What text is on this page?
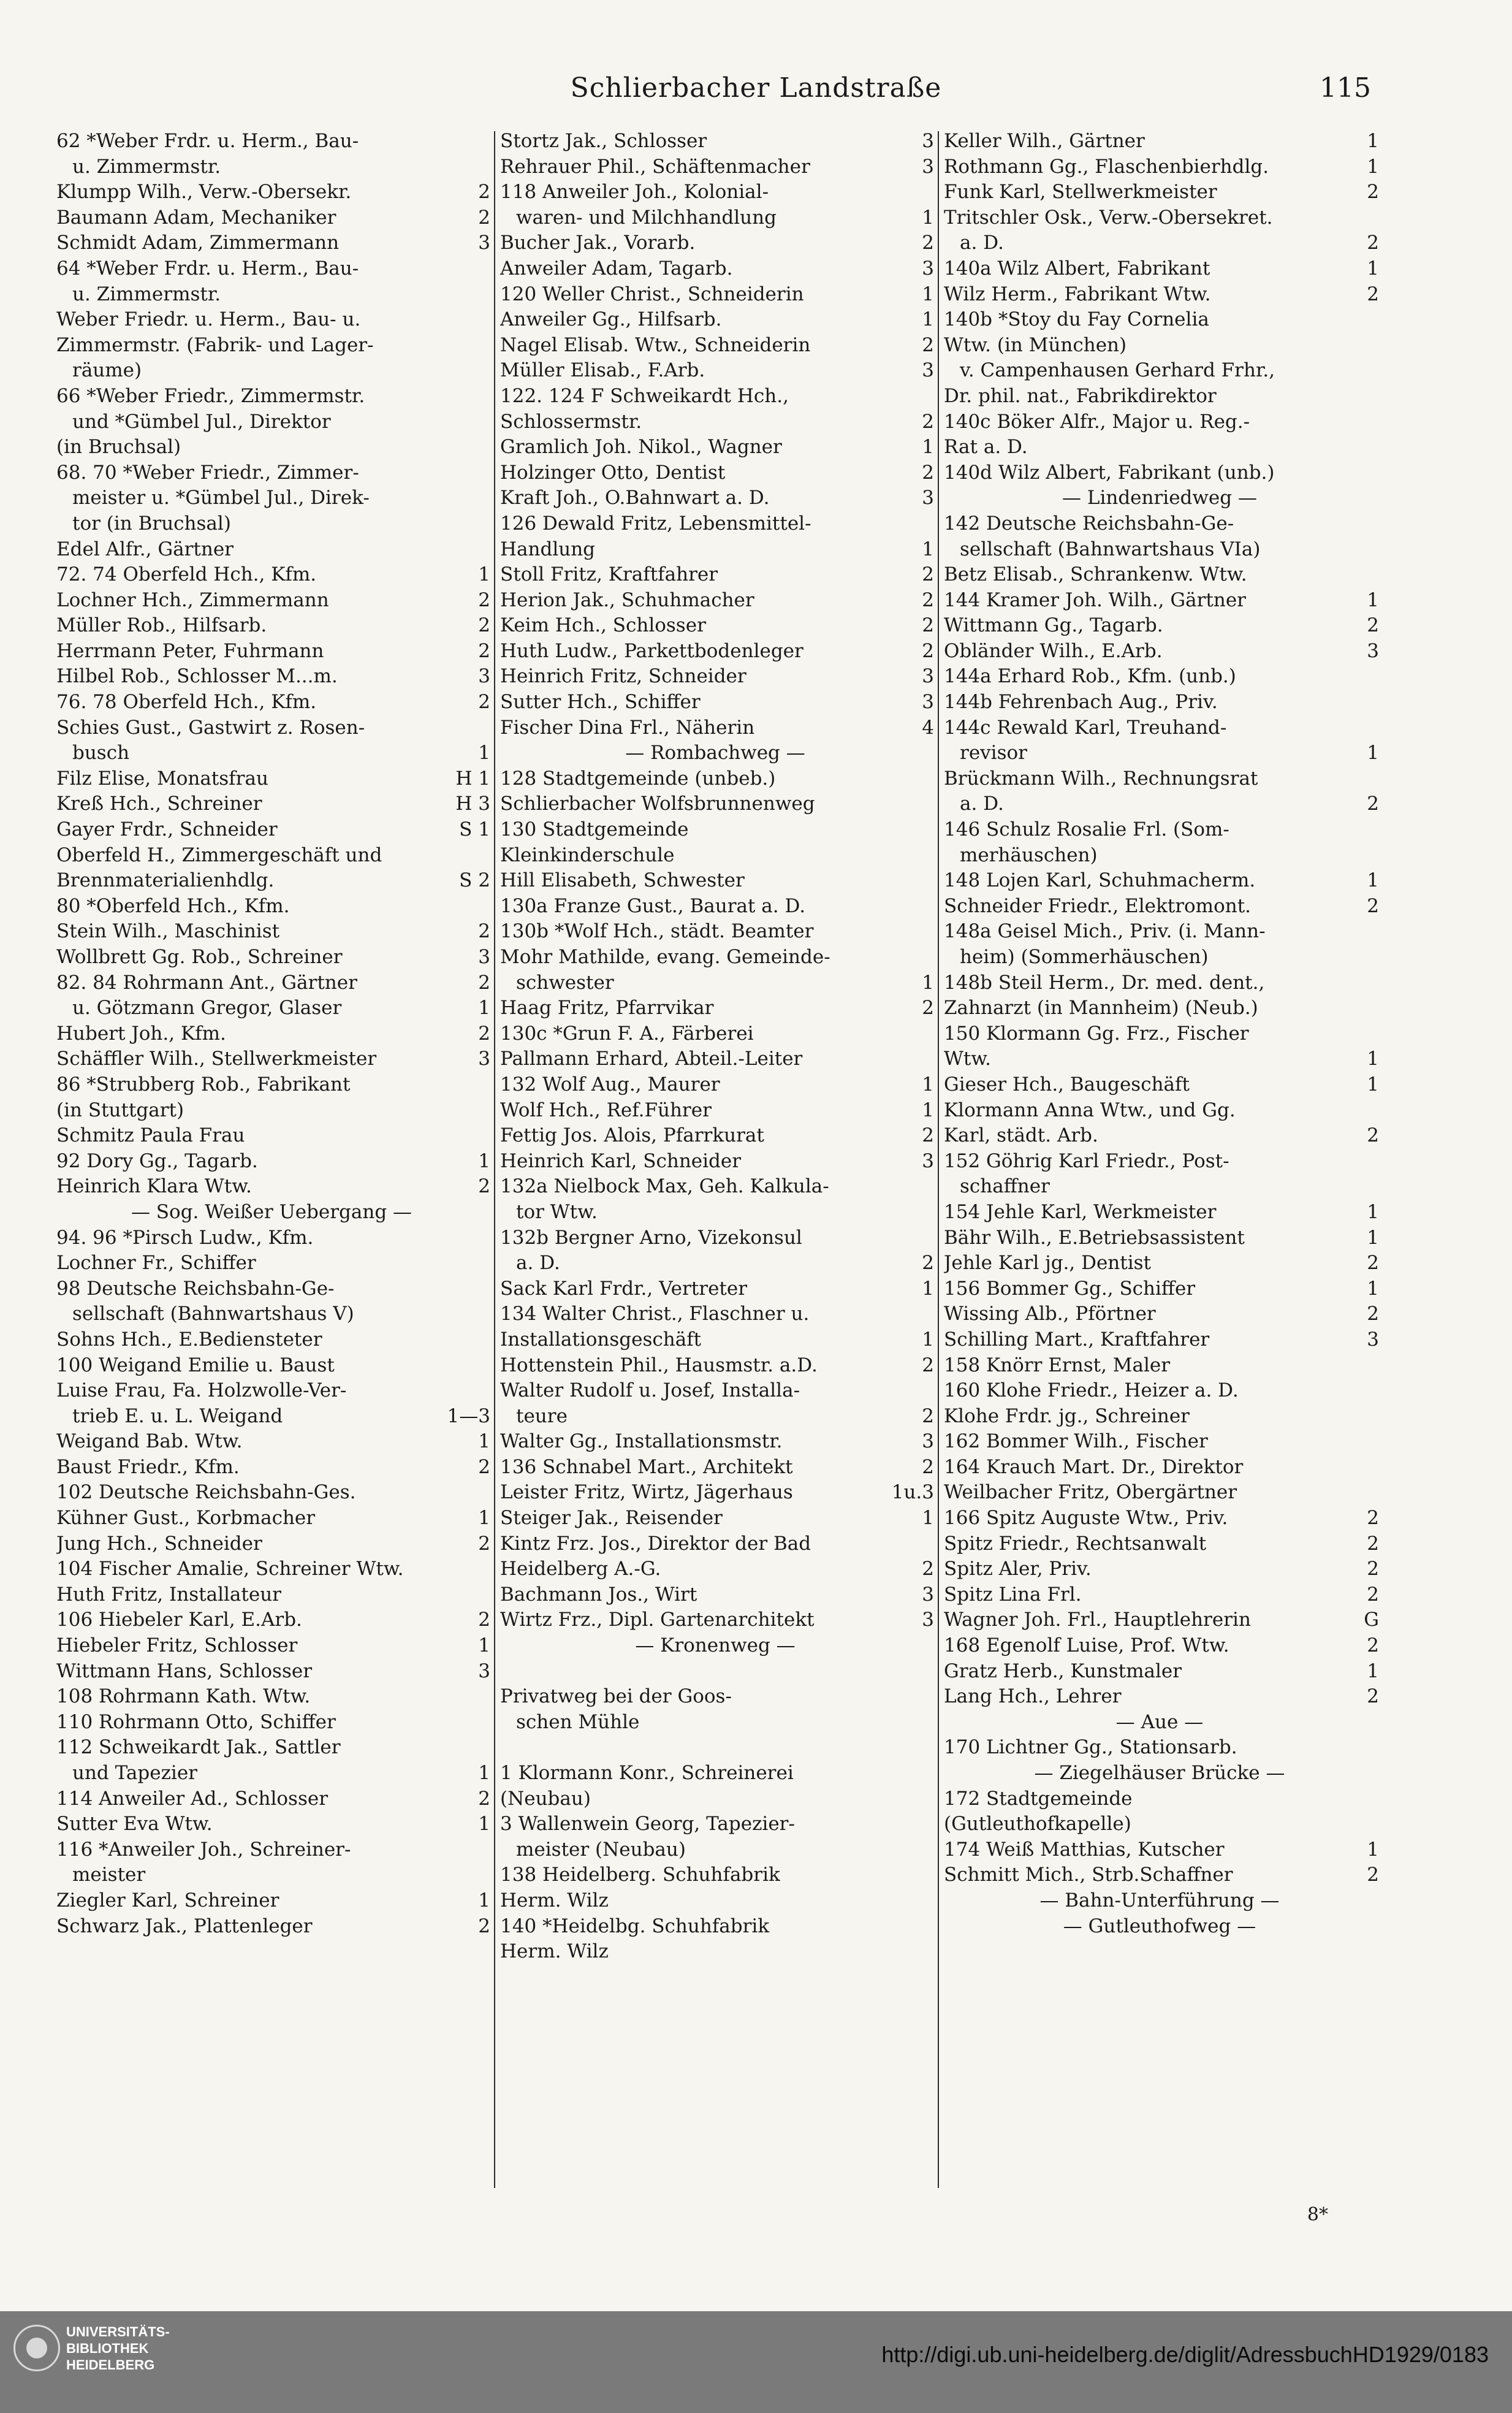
Schlierbacher Landstraße	115
62 *Weber Frdr. u. Herm., Bau-
u. Zimmermstr.
Klumpp Wilh., Verw.-Obersekr.	2
Baumann Adam, Mechaniker	2
Schmidt Adam, Zimmermann	3
64 *Weber Frdr. u. Herm., Bau-
u. Zimmermstr.
Weber Friedr. u. Herm., Bau- u.
Zimmermstr. (Fabrik- und Lager-
räume)
66 *Weber Friedr., Zimmermstr.
und *Gümbel Jul., Direktor
(in Bruchsal)
68. 70 *Weber Friedr., Zimmer-
meister u. *Gümbel Jul., Direk-
tor (in Bruchsal)
Edel Alfr., Gärtner
72. 74 Oberfeld Hch., Kfm.	1
Lochner Hch., Zimmermann	2
Müller Rob., Hilfsarb.	2
Herrmann Peter, Fuhrmann	2
Hilbel Rob., Schlosser M...m.	3
76. 78 Oberfeld Hch., Kfm.	2
Schies Gust., Gastwirt z. Rosen-
busch	1
Filz Elise, Monatsfrau	H 1
Kreß Hch., Schreiner	H 3
Gayer Frdr., Schneider	S 1
Oberfeld H., Zimmergeschäft und
Brennmaterialienhdlg.	S 2
80 *Oberfeld Hch., Kfm.
Stein Wilh., Maschinist	2
Wollbrett Gg. Rob., Schreiner	3
82. 84 Rohrmann Ant., Gärtner	2
u. Götzmann Gregor, Glaser	1
Hubert Joh., Kfm.	2
Schäffler Wilh., Stellwerkmeister	3
86 *Strubberg Rob., Fabrikant
(in Stuttgart)
Schmitz Paula Frau
92 Dory Gg., Tagarb.	1
Heinrich Klara Wtw.	2
— Sog. Weißer Uebergang —
94. 96 *Pirsch Ludw., Kfm.
Lochner Fr., Schiffer
98 Deutsche Reichsbahn-Ge-
sellschaft (Bahnwartshaus V)
Sohns Hch., E.Bediensteter
100 Weigand Emilie u. Baust
Luise Frau, Fa. Holzwolle-Ver-
trieb E. u. L. Weigand	1—3
Weigand Bab. Wtw.	1
Baust Friedr., Kfm.	2
102 Deutsche Reichsbahn-Ges.
Kühner Gust., Korbmacher	1
Jung Hch., Schneider	2
104 Fischer Amalie, Schreiner Wtw.
Huth Fritz, Installateur
106 Hiebeler Karl, E.Arb.	2
Hiebeler Fritz, Schlosser	1
Wittmann Hans, Schlosser	3
108 Rohrmann Kath. Wtw.
110 Rohrmann Otto, Schiffer
112 Schweikardt Jak., Sattler
und Tapezier	1
114 Anweiler Ad., Schlosser	2
Sutter Eva Wtw.	1
116 *Anweiler Joh., Schreiner-
meister
Ziegler Karl, Schreiner	1
Schwarz Jak., Plattenleger	2
Stortz Jak., Schlosser	3
Rehrauer Phil., Schäftenmacher	3
118 Anweiler Joh., Kolonial-
waren- und Milchhandlung	1
Bucher Jak., Vorarb.	2
Anweiler Adam, Tagarb.	3
120 Weller Christ., Schneiderin	1
Anweiler Gg., Hilfsarb.	1
Nagel Elisab. Wtw., Schneiderin	2
Müller Elisab., F.Arb.	3
122. 124 F Schweikardt Hch.,
Schlossermstr.	2
Gramlich Joh. Nikol., Wagner	1
Holzinger Otto, Dentist	2
Kraft Joh., O.Bahnwart a. D.	3
126 Dewald Fritz, Lebensmittel-
Handlung	1
Stoll Fritz, Kraftfahrer	2
Herion Jak., Schuhmacher	2
Keim Hch., Schlosser	2
Huth Ludw., Parkettbodenleger	2
Heinrich Fritz, Schneider	3
Sutter Hch., Schiffer	3
Fischer Dina Frl., Näherin	4
— Rombachweg —
128 Stadtgemeinde (unbeb.)
Schlierbacher Wolfsbrunnenweg
130 Stadtgemeinde
Kleinkinderschule
Hill Elisabeth, Schwester
130a Franze Gust., Baurat a. D.
130b *Wolf Hch., städt. Beamter
Mohr Mathilde, evang. Gemeinde-
schwester	1
Haag Fritz, Pfarrvikar	2
130c *Grun F. A., Färberei
Pallmann Erhard, Abteil.-Leiter
132 Wolf Aug., Maurer	1
Wolf Hch., Ref.Führer	1
Fettig Jos. Alois, Pfarrkurat	2
Heinrich Karl, Schneider	3
132a Nielbock Max, Geh. Kalkula-
tor Wtw.
132b Bergner Arno, Vizekonsul
a. D.	2
Sack Karl Frdr., Vertreter	1
134 Walter Christ., Flaschner u.
Installationsgeschäft	1
Hottenstein Phil., Hausmstr. a.D.	2
Walter Rudolf u. Josef, Installa-
teure	2
Walter Gg., Installationsmstr.	3
136 Schnabel Mart., Architekt	2
Leister Fritz, Wirtz, Jägerhaus	1u.3
Steiger Jak., Reisender	1
Kintz Frz. Jos., Direktor der Bad
Heidelberg A.-G.	2
Bachmann Jos., Wirt	3
Wirtz Frz., Dipl. Gartenarchitekt	3
— Kronenweg —
Privatweg bei der Goos-
schen Mühle
1 Klormann Konr., Schreinerei
(Neubau)
3 Wallenwein Georg, Tapezier-
meister (Neubau)
138 Heidelberg. Schuhfabrik
Herm. Wilz
140 *Heidelbg. Schuhfabrik
Herm. Wilz
Keller Wilh., Gärtner	1
Rothmann Gg., Flaschenbierhdlg.	1
Funk Karl, Stellwerkmeister	2
Tritschler Osk., Verw.-Obersekret.
a. D.	2
140a Wilz Albert, Fabrikant	1
Wilz Herm., Fabrikant Wtw.	2
140b *Stoy du Fay Cornelia
Wtw. (in München)
v. Campenhausen Gerhard Frhr.,
Dr. phil. nat., Fabrikdirektor
140c Böker Alfr., Major u. Reg.-
Rat a. D.
140d Wilz Albert, Fabrikant (unb.)
— Lindenriedweg —
142 Deutsche Reichsbahn-Ge-
sellschaft (Bahnwartshaus VIa)
Betz Elisab., Schrankenw. Wtw.
144 Kramer Joh. Wilh., Gärtner	1
Wittmann Gg., Tagarb.	2
Obländer Wilh., E.Arb.	3
144a Erhard Rob., Kfm. (unb.)
144b Fehrenbach Aug., Priv.
144c Rewald Karl, Treuhand-
revisor	1
Brückmann Wilh., Rechnungsrat
a. D.	2
146 Schulz Rosalie Frl. (Som-
merhäuschen)
148 Lojen Karl, Schuhmacherm.	1
Schneider Friedr., Elektromont.	2
148a Geisel Mich., Priv. (i. Mann-
heim) (Sommerhäuschen)
148b Steil Herm., Dr. med. dent.,
Zahnarzt (in Mannheim) (Neub.)
150 Klormann Gg. Frz., Fischer
Wtw.	1
Gieser Hch., Baugeschäft	1
Klormann Anna Wtw., und Gg.
Karl, städt. Arb.	2
152 Göhrig Karl Friedr., Post-
schaffner
154 Jehle Karl, Werkmeister	1
Bähr Wilh., E.Betriebsassistent	1
Jehle Karl jg., Dentist	2
156 Bommer Gg., Schiffer	1
Wissing Alb., Pförtner	2
Schilling Mart., Kraftfahrer	3
158 Knörr Ernst, Maler
160 Klohe Friedr., Heizer a. D.
Klohe Frdr. jg., Schreiner
162 Bommer Wilh., Fischer
164 Krauch Mart. Dr., Direktor
Weilbacher Fritz, Obergärtner
166 Spitz Auguste Wtw., Priv.	2
Spitz Friedr., Rechtsanwalt	2
Spitz Aler, Priv.	2
Spitz Lina Frl.	2
Wagner Joh. Frl., Hauptlehrerin	G
168 Egenolf Luise, Prof. Wtw.	2
Gratz Herb., Kunstmaler	1
Lang Hch., Lehrer	2
— Aue —
170 Lichtner Gg., Stationsarb.
— Ziegelhäuser Brücke —
172 Stadtgemeinde
(Gutleuthofkapelle)
174 Weiß Matthias, Kutscher	1
Schmitt Mich., Strb.Schaffner	2
— Bahn-Unterführung —
— Gutleuthofweg —
8*
UNIVERSITÄTS-
BIBLIOTHEK
HEIDELBERG	http://digi.ub.uni-heidelberg.de/diglit/AdressbuchHD1929/0183
